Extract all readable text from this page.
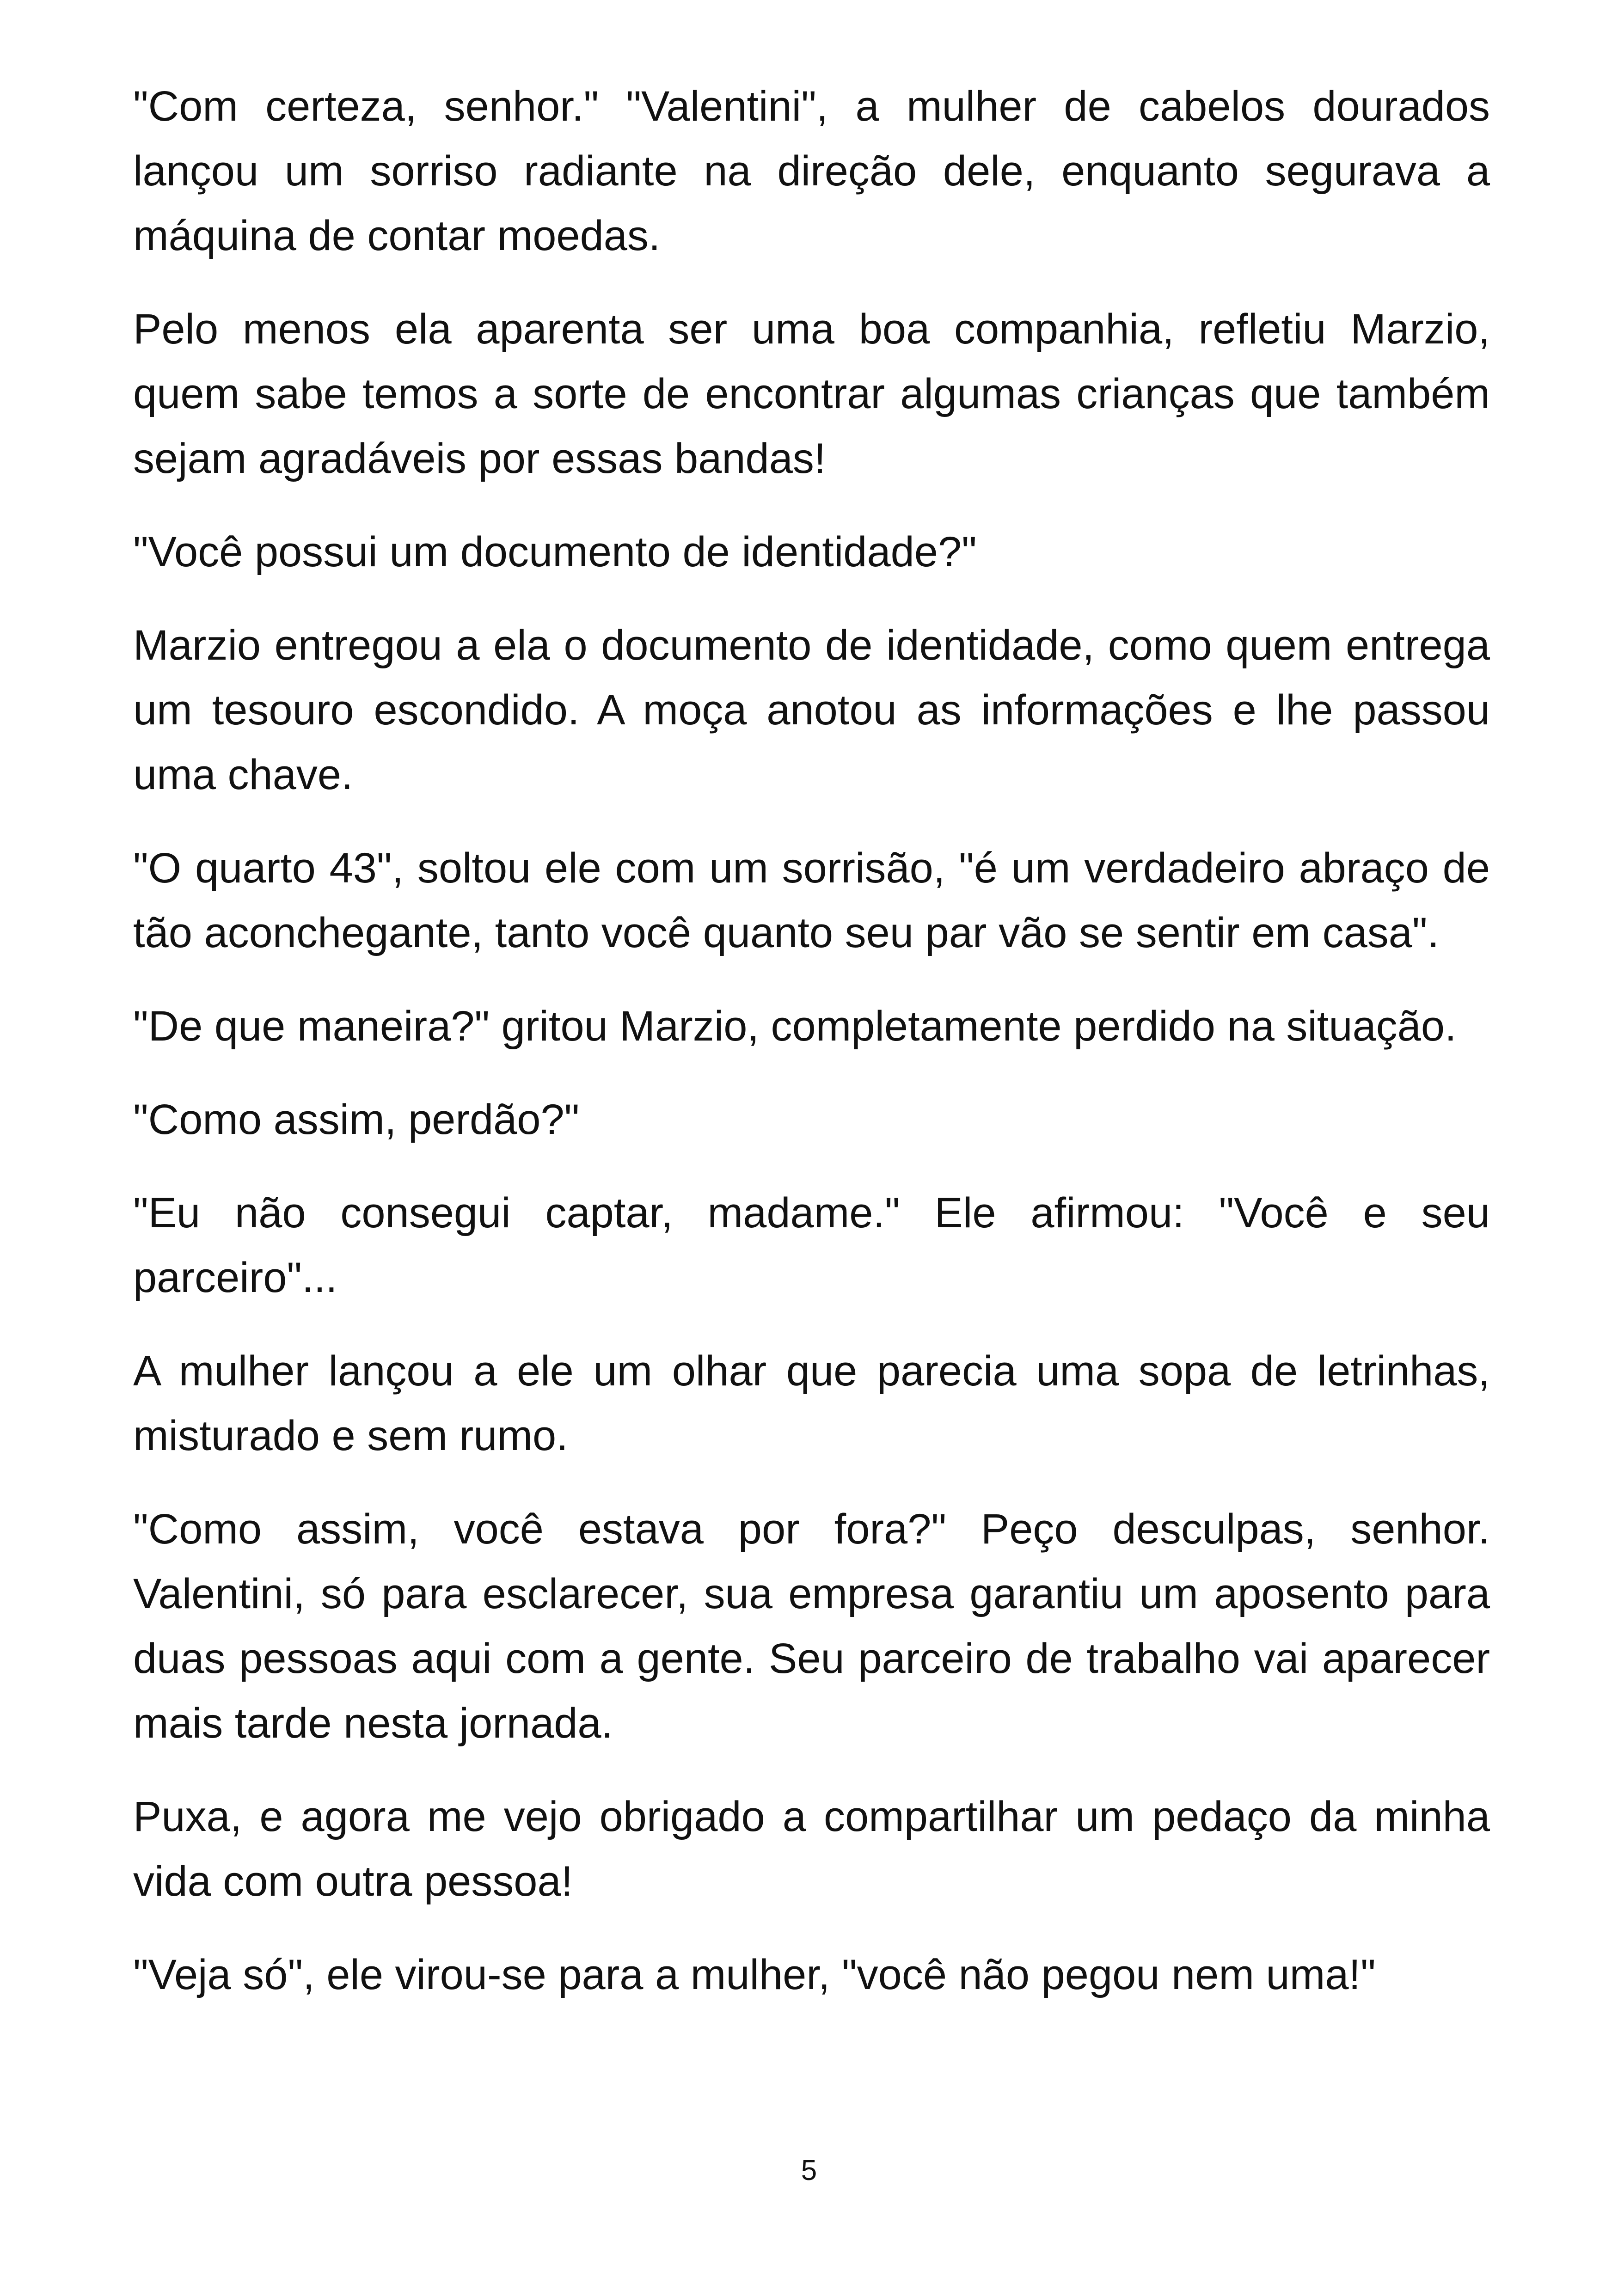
"Com certeza, senhor." "Valentini", a mulher de cabelos dourados lançou um sorriso radiante na direção dele, enquanto segurava a máquina de contar moedas.

Pelo menos ela aparenta ser uma boa companhia, refletiu Marzio, quem sabe temos a sorte de encontrar algumas crianças que também sejam agradáveis por essas bandas!

"Você possui um documento de identidade?"

Marzio entregou a ela o documento de identidade, como quem entrega um tesouro escondido. A moça anotou as informações e lhe passou uma chave.

"O quarto 43", soltou ele com um sorrisão, "é um verdadeiro abraço de tão aconchegante, tanto você quanto seu par vão se sentir em casa".

"De que maneira?" gritou Marzio, completamente perdido na situação.

"Como assim, perdão?"

"Eu não consegui captar, madame." Ele afirmou: "Você e seu parceiro"...

A mulher lançou a ele um olhar que parecia uma sopa de letrinhas, misturado e sem rumo.

"Como assim, você estava por fora?" Peço desculpas, senhor. Valentini, só para esclarecer, sua empresa garantiu um aposento para duas pessoas aqui com a gente. Seu parceiro de trabalho vai aparecer mais tarde nesta jornada.

Puxa, e agora me vejo obrigado a compartilhar um pedaço da minha vida com outra pessoa!

"Veja só", ele virou-se para a mulher, "você não pegou nem uma!"

5
